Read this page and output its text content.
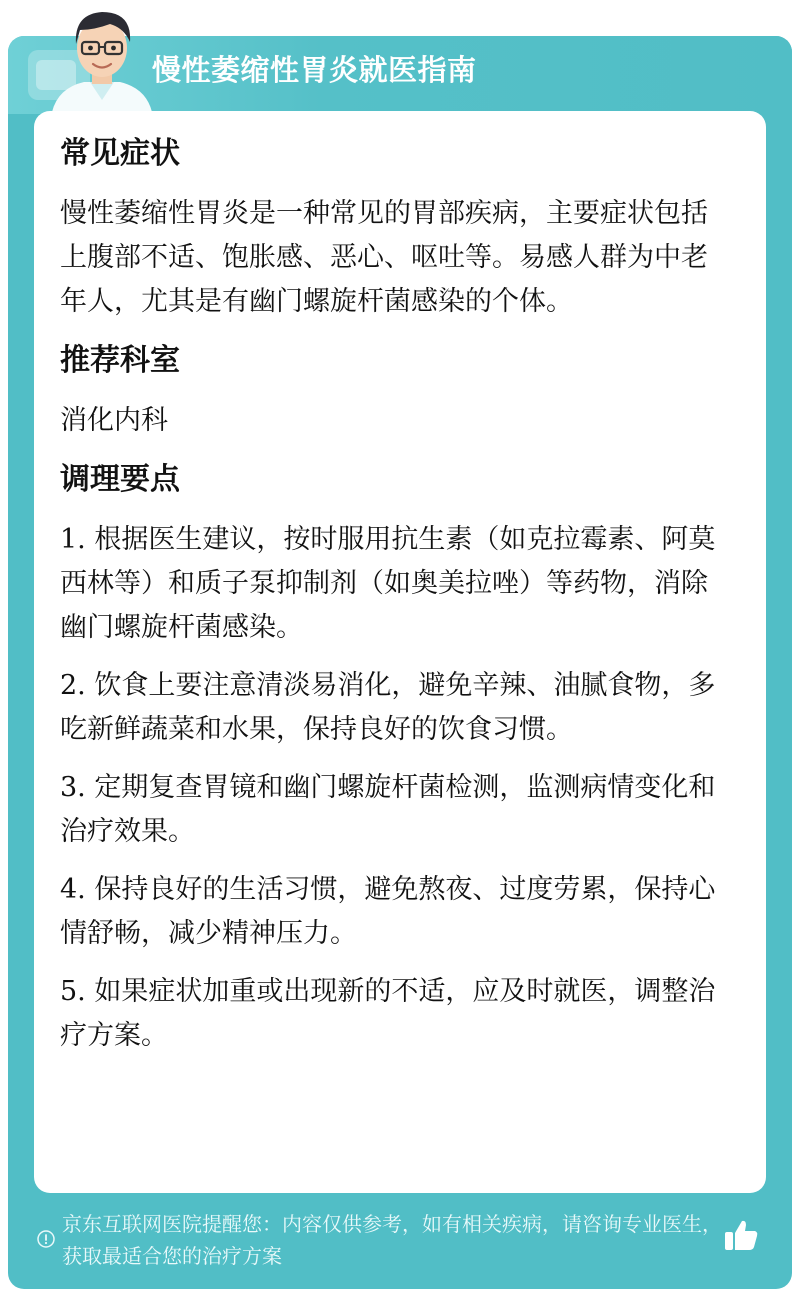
慢性萎缩性胃炎就医指南
常见症状

慢性萎缩性胃炎是一种常见的胃部疾病，主要症状包括上腹部不适、饱胀感、恶心、呕吐等。易感人群为中老年人，尤其是有幽门螺旋杆菌感染的个体。

推荐科室

消化内科

调理要点

1. 根据医生建议，按时服用抗生素（如克拉霉素、阿莫西林等）和质子泵抑制剂（如奥美拉唑）等药物，消除幽门螺旋杆菌感染。

2. 饮食上要注意清淡易消化，避免辛辣、油腻食物，多吃新鲜蔬菜和水果，保持良好的饮食习惯。

3. 定期复查胃镜和幽门螺旋杆菌检测，监测病情变化和治疗效果。

4. 保持良好的生活习惯，避免熬夜、过度劳累，保持心情舒畅，减少精神压力。

5. 如果症状加重或出现新的不适，应及时就医，调整治疗方案。

京东互联网医院提醒您：内容仅供参考，如有相关疾病，请咨询专业医生，获取最适合您的治疗方案
